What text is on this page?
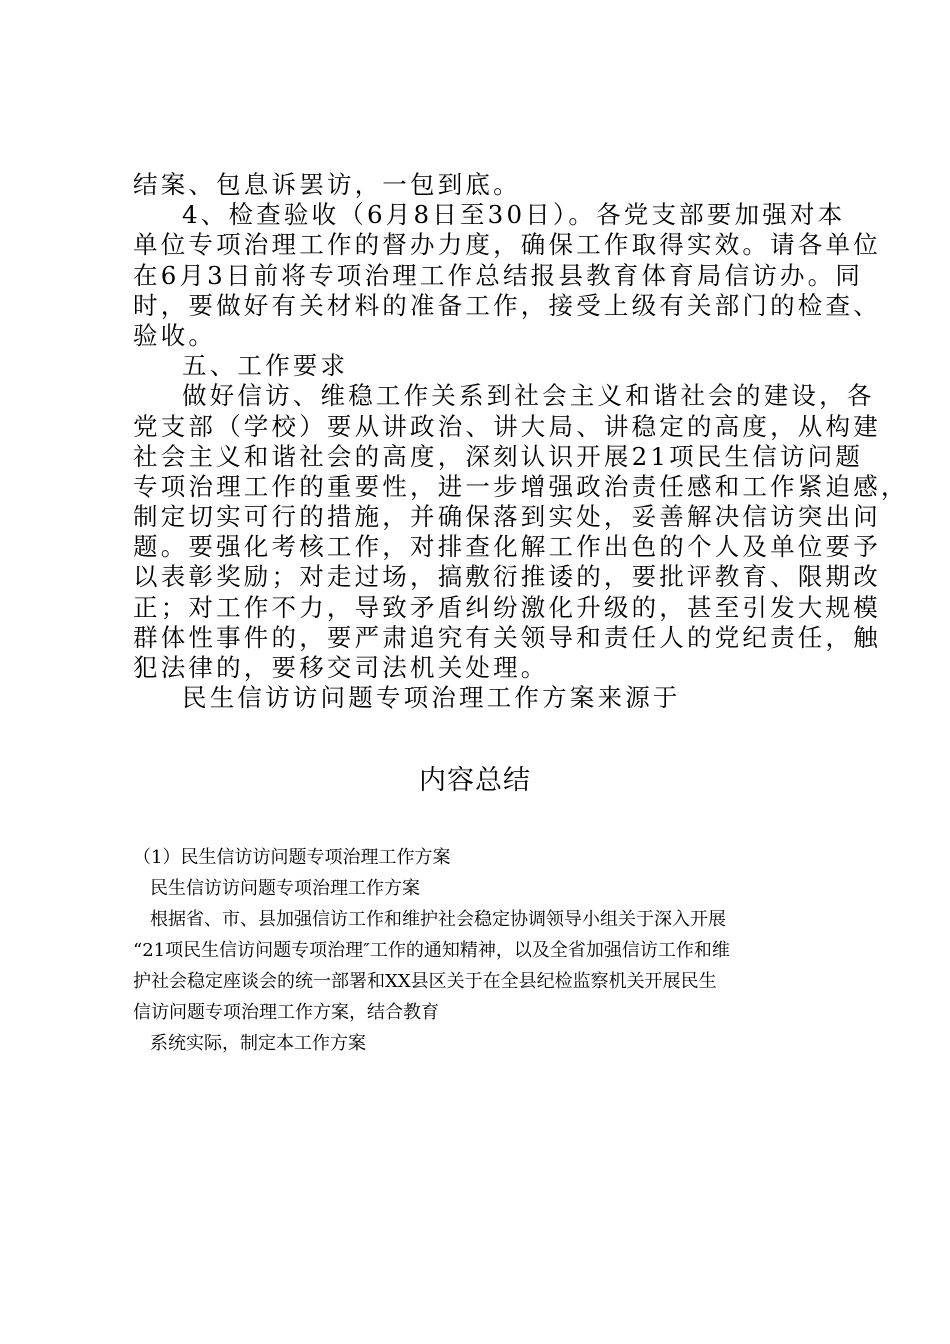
结案、包息诉罢访，一包到底。
4、检查验收（6月8日至30日）。各党支部要加强对本
单位专项治理工作的督办力度，确保工作取得实效。请各单位
在6月3日前将专项治理工作总结报县教育体育局信访办。同
时，要做好有关材料的准备工作，接受上级有关部门的检查、
验收。
五、工作要求
做好信访、维稳工作关系到社会主义和谐社会的建设，各
党支部（学校）要从讲政治、讲大局、讲稳定的高度，从构建
社会主义和谐社会的高度，深刻认识开展21项民生信访问题
专项治理工作的重要性，进一步增强政治责任感和工作紧迫感，
制定切实可行的措施，并确保落到实处，妥善解决信访突出问
题。要强化考核工作，对排查化解工作出色的个人及单位要予
以表彰奖励；对走过场，搞敷衍推诿的，要批评教育、限期改
正；对工作不力，导致矛盾纠纷激化升级的，甚至引发大规模
群体性事件的，要严肃追究有关领导和责任人的党纪责任，触
犯法律的，要移交司法机关处理。
民生信访访问题专项治理工作方案来源于
内容总结
（1）民生信访访问题专项治理工作方案
民生信访访问题专项治理工作方案
根据省、市、县加强信访工作和维护社会稳定协调领导小组关于深入开展
“21项民生信访问题专项治理″工作的通知精神，以及全省加强信访工作和维
护社会稳定座谈会的统一部署和XX县区关于在全县纪检监察机关开展民生
信访问题专项治理工作方案，结合教育
系统实际，制定本工作方案
